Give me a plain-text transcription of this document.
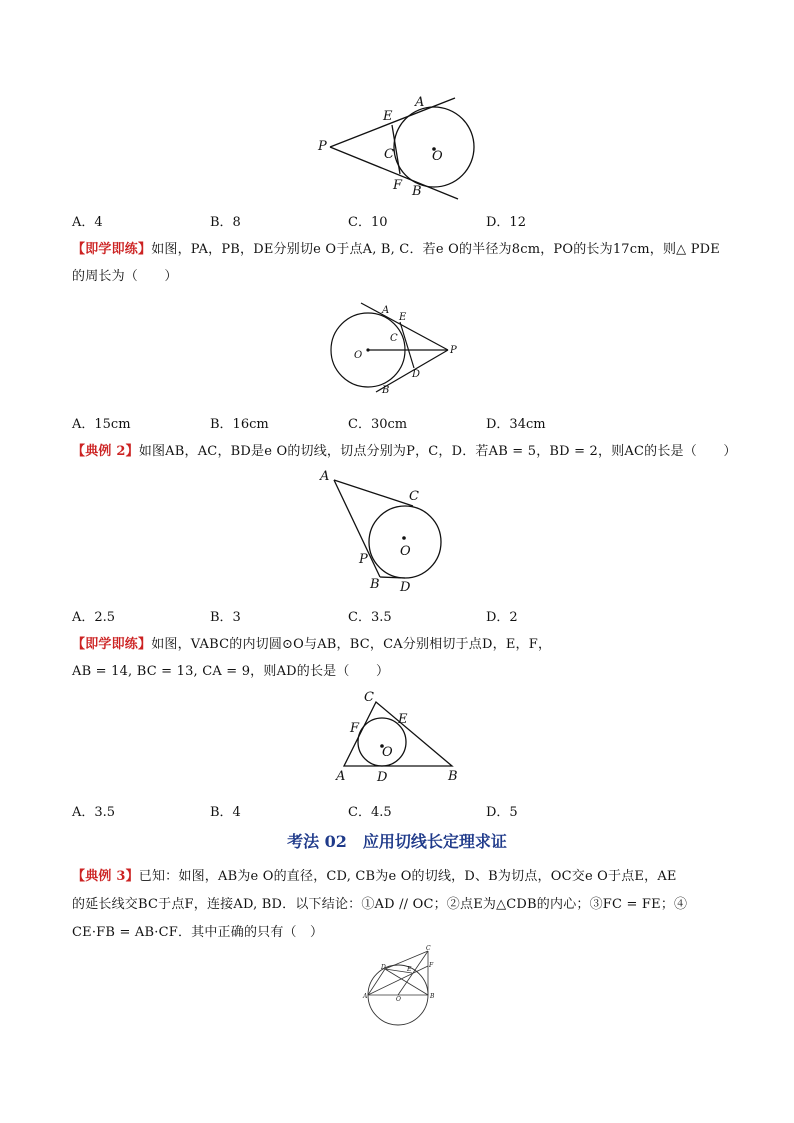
P
E
A
C	O
F B
A．4	B．8	C．10	D．12
【即学即练】如图，PA，PB，DE分别切e O于点A, B, C．若e O的半径为8cm，PO的长为17cm，则△ PDE
的周长为（　　）
A
E
C
O	P
D
B
A．15cm	B．16cm	C．30cm	D．34cm
【典例 2】如图AB，AC，BD是e O的切线，切点分别为P，C，D．若AB = 5，BD = 2，则AC的长是（　　）
A
C
O
P
B D
A．2.5	B．3	C．3.5	D．2
【即学即练】如图，VABC的内切圆⊙O与AB，BC，CA分别相切于点D，E，F，
AB = 14, BC = 13, CA = 9，则AD的长是（　　）
C
F
E
O
A D	B
A．3.5	B．4	C．4.5	D．5
考法 02　应用切线长定理求证
【典例 3】已知：如图，AB为e O的直径，CD, CB为e O的切线，D、B为切点，OC交e O于点E，AE
的延长线交BC于点F，连接AD, BD．以下结论：①AD // OC；②点E为△CDB的内心；③FC = FE；④
CE·FB = AB·CF．其中正确的只有（　）
C
D	E
F
A	O	B
